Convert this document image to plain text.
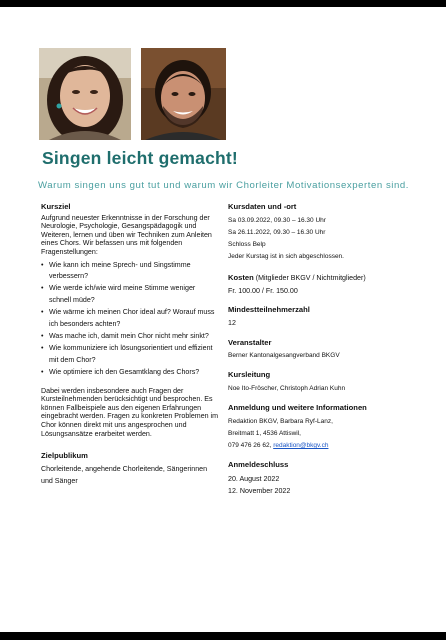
Singen leicht gemacht!
Warum singen uns gut tut und warum wir Chorleiter Motivationsexperten sind.
Kursziel

Aufgrund neuester Erkenntnisse in der Forschung der Neurologie, Psychologie, Gesangspädagogik und Weiteren, lernen und üben wir Techniken zum Anleiten eines Chors. Wir befassen uns mit folgenden Fragenstellungen:

• Wie kann ich meine Sprech- und Singstimme verbessern?
• Wie werde ich/wie wird meine Stimme weniger schnell müde?
• Wie wärme ich meinen Chor ideal auf? Worauf muss ich besonders achten?
• Was mache ich, damit mein Chor nicht mehr sinkt?
• Wie kommuniziere ich lösungsorientiert und effizient mit dem Chor?
• Wie optimiere ich den Gesamtklang des Chors?

Dabei werden insbesondere auch Fragen der Kursteilnehmenden berücksichtigt und besprochen. Es können Fallbeispiele aus den eigenen Erfahrungen eingebracht werden. Fragen zu konkreten Problemen im Chor können direkt mit uns angesprochen und Lösungsansätze erarbeitet werden.

Zielpublikum

Chorleitende, angehende Chorleitende, Sängerinnen und Sänger

Kursdaten und -ort
Sa 03.09.2022, 09.30 – 16.30 Uhr
Sa 26.11.2022, 09.30 – 16.30 Uhr
Schloss Belp
Jeder Kurstag ist in sich abgeschlossen.
Kosten (Mitglieder BKGV / Nichtmitglieder)
Fr. 100.00 / Fr. 150.00
Mindestteilnehmerzahl
12
Veranstalter
Berner Kantonalgesangverband BKGV
Kursleitung
Noe Ito-Fröscher, Christoph Adrian Kuhn
Anmeldung und weitere Informationen
Redaktion BKGV, Barbara Ryf-Lanz,
Breitmatt 1, 4536 Attiswil,
079 476 26 62, redaktion@bkgv.ch
Anmeldeschluss
20. August 2022
12. November 2022
